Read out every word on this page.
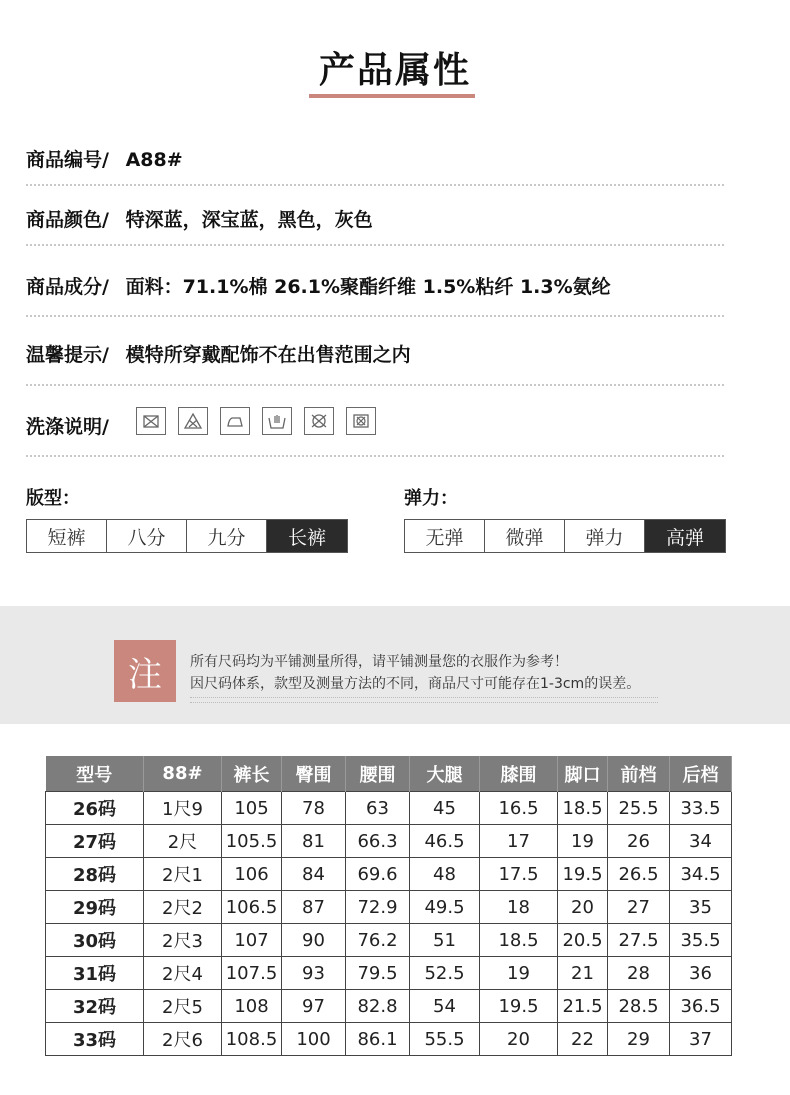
产品属性
商品编号/ A88#
商品颜色/ 特深蓝，深宝蓝，黑色，灰色
商品成分/ 面料：71.1%棉 26.1%聚酯纤维 1.5%粘纤 1.3%氨纶
温馨提示/ 模特所穿戴配饰不在出售范围之内
洗涤说明/
版型：
短裤	八分	九分	长裤
弹力：
无弹	微弹	弹力	高弹
注	所有尺码均为平铺测量所得，请平铺测量您的衣服作为参考！
因尺码体系，款型及测量方法的不同，商品尺寸可能存在1-3cm的误差。
型号	88#	裤长	臀围	腰围	大腿	膝围	脚口	前档	后档
26码	1尺9	105	78	63	45	16.5	18.5	25.5	33.5
27码	2尺	105.5	81	66.3	46.5	17	19	26	34
28码	2尺1	106	84	69.6	48	17.5	19.5	26.5	34.5
29码	2尺2	106.5	87	72.9	49.5	18	20	27	35
30码	2尺3	107	90	76.2	51	18.5	20.5	27.5	35.5
31码	2尺4	107.5	93	79.5	52.5	19	21	28	36
32码	2尺5	108	97	82.8	54	19.5	21.5	28.5	36.5
33码	2尺6	108.5	100	86.1	55.5	20	22	29	37
